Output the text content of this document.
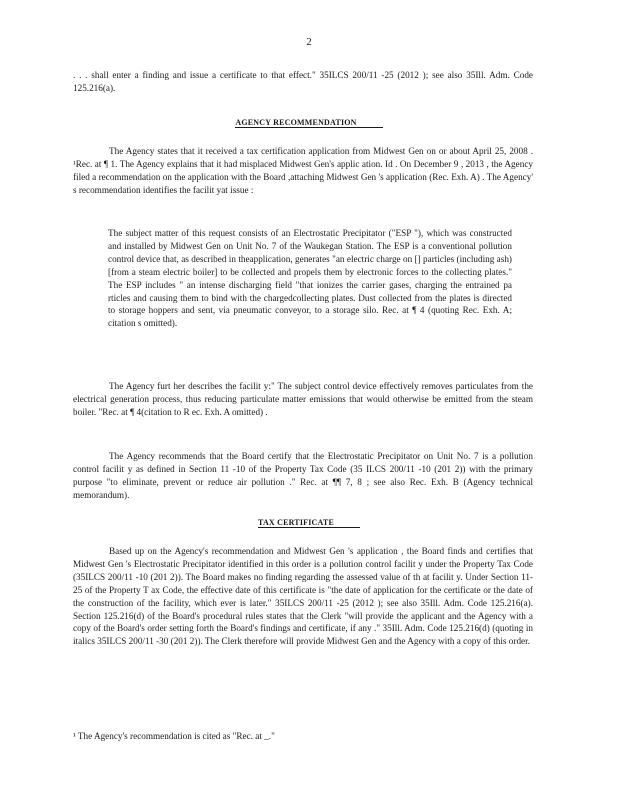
2

. . . shall enter a finding and issue a certificate to that effect." 35ILCS 200/11 -25 (2012 ); see also 35Ill. Adm. Code 125.216(a).

AGENCY RECOMMENDATION

The Agency states that it received a tax certification application from Midwest Gen on or about April 25, 2008 . ¹Rec. at ¶ 1. The Agency explains that it had misplaced Midwest Gen's applic ation. Id . On December 9 , 2013 , the Agency filed a recommendation on the application with the Board ,attaching Midwest Gen 's application (Rec. Exh. A) . The Agency' s recommendation identifies the facilit yat issue :

The subject matter of this request consists of an Electrostatic Precipitator ("ESP "), which was constructed and installed by Midwest Gen on Unit No. 7 of the Waukegan Station. The ESP is a conventional pollution control device that, as described in theapplication, generates "an electric charge on [] particles (including ash) [from a steam electric boiler] to be collected and propels them by electronic forces to the collecting plates." The ESP includes " an intense discharging field "that ionizes the carrier gases, charging the entrained pa rticles and causing them to bind with the chargedcollecting plates. Dust collected from the plates is directed to storage hoppers and sent, via pneumatic conveyor, to a storage silo. Rec. at ¶ 4 (quoting Rec. Exh. A; citation s omitted).

The Agency furt her describes the facilit y:" The subject control device effectively removes particulates from the electrical generation process, thus reducing particulate matter emissions that would otherwise be emitted from the steam boiler. "Rec. at ¶ 4(citation to R ec. Exh. A omitted) .

The Agency recommends that the Board certify that the Electrostatic Precipitator on Unit No. 7 is a pollution control facilit y as defined in Section 11 -10 of the Property Tax Code (35 ILCS 200/11 -10 (201 2)) with the primary purpose "to eliminate, prevent or reduce air pollution ." Rec. at ¶¶ 7, 8 ; see also Rec. Exh. B (Agency technical memorandum).

TAX CERTIFICATE

Based up on the Agency's recommendation and Midwest Gen 's application , the Board finds and certifies that Midwest Gen 's Electrostatic Precipitator identified in this order is a pollution control facilit y under the Property Tax Code (35ILCS 200/11 -10 (201 2)). The Board makes no finding regarding the assessed value of th at facilit y. Under Section 11-25 of the Property T ax Code, the effective date of this certificate is "the date of application for the certificate or the date of the construction of the facility, which ever is later." 35ILCS 200/11 -25 (2012 ); see also 35Ill. Adm. Code 125.216(a). Section 125.216(d) of the Board's procedural rules states that the Clerk "will provide the applicant and the Agency with a copy of the Board's order setting forth the Board's findings and certificate, if any ." 35Ill. Adm. Code 125.216(d) (quoting in italics 35ILCS 200/11 -30 (201 2)). The Clerk therefore will provide Midwest Gen and the Agency with a copy of this order.

¹ The Agency's recommendation is cited as "Rec. at _."
